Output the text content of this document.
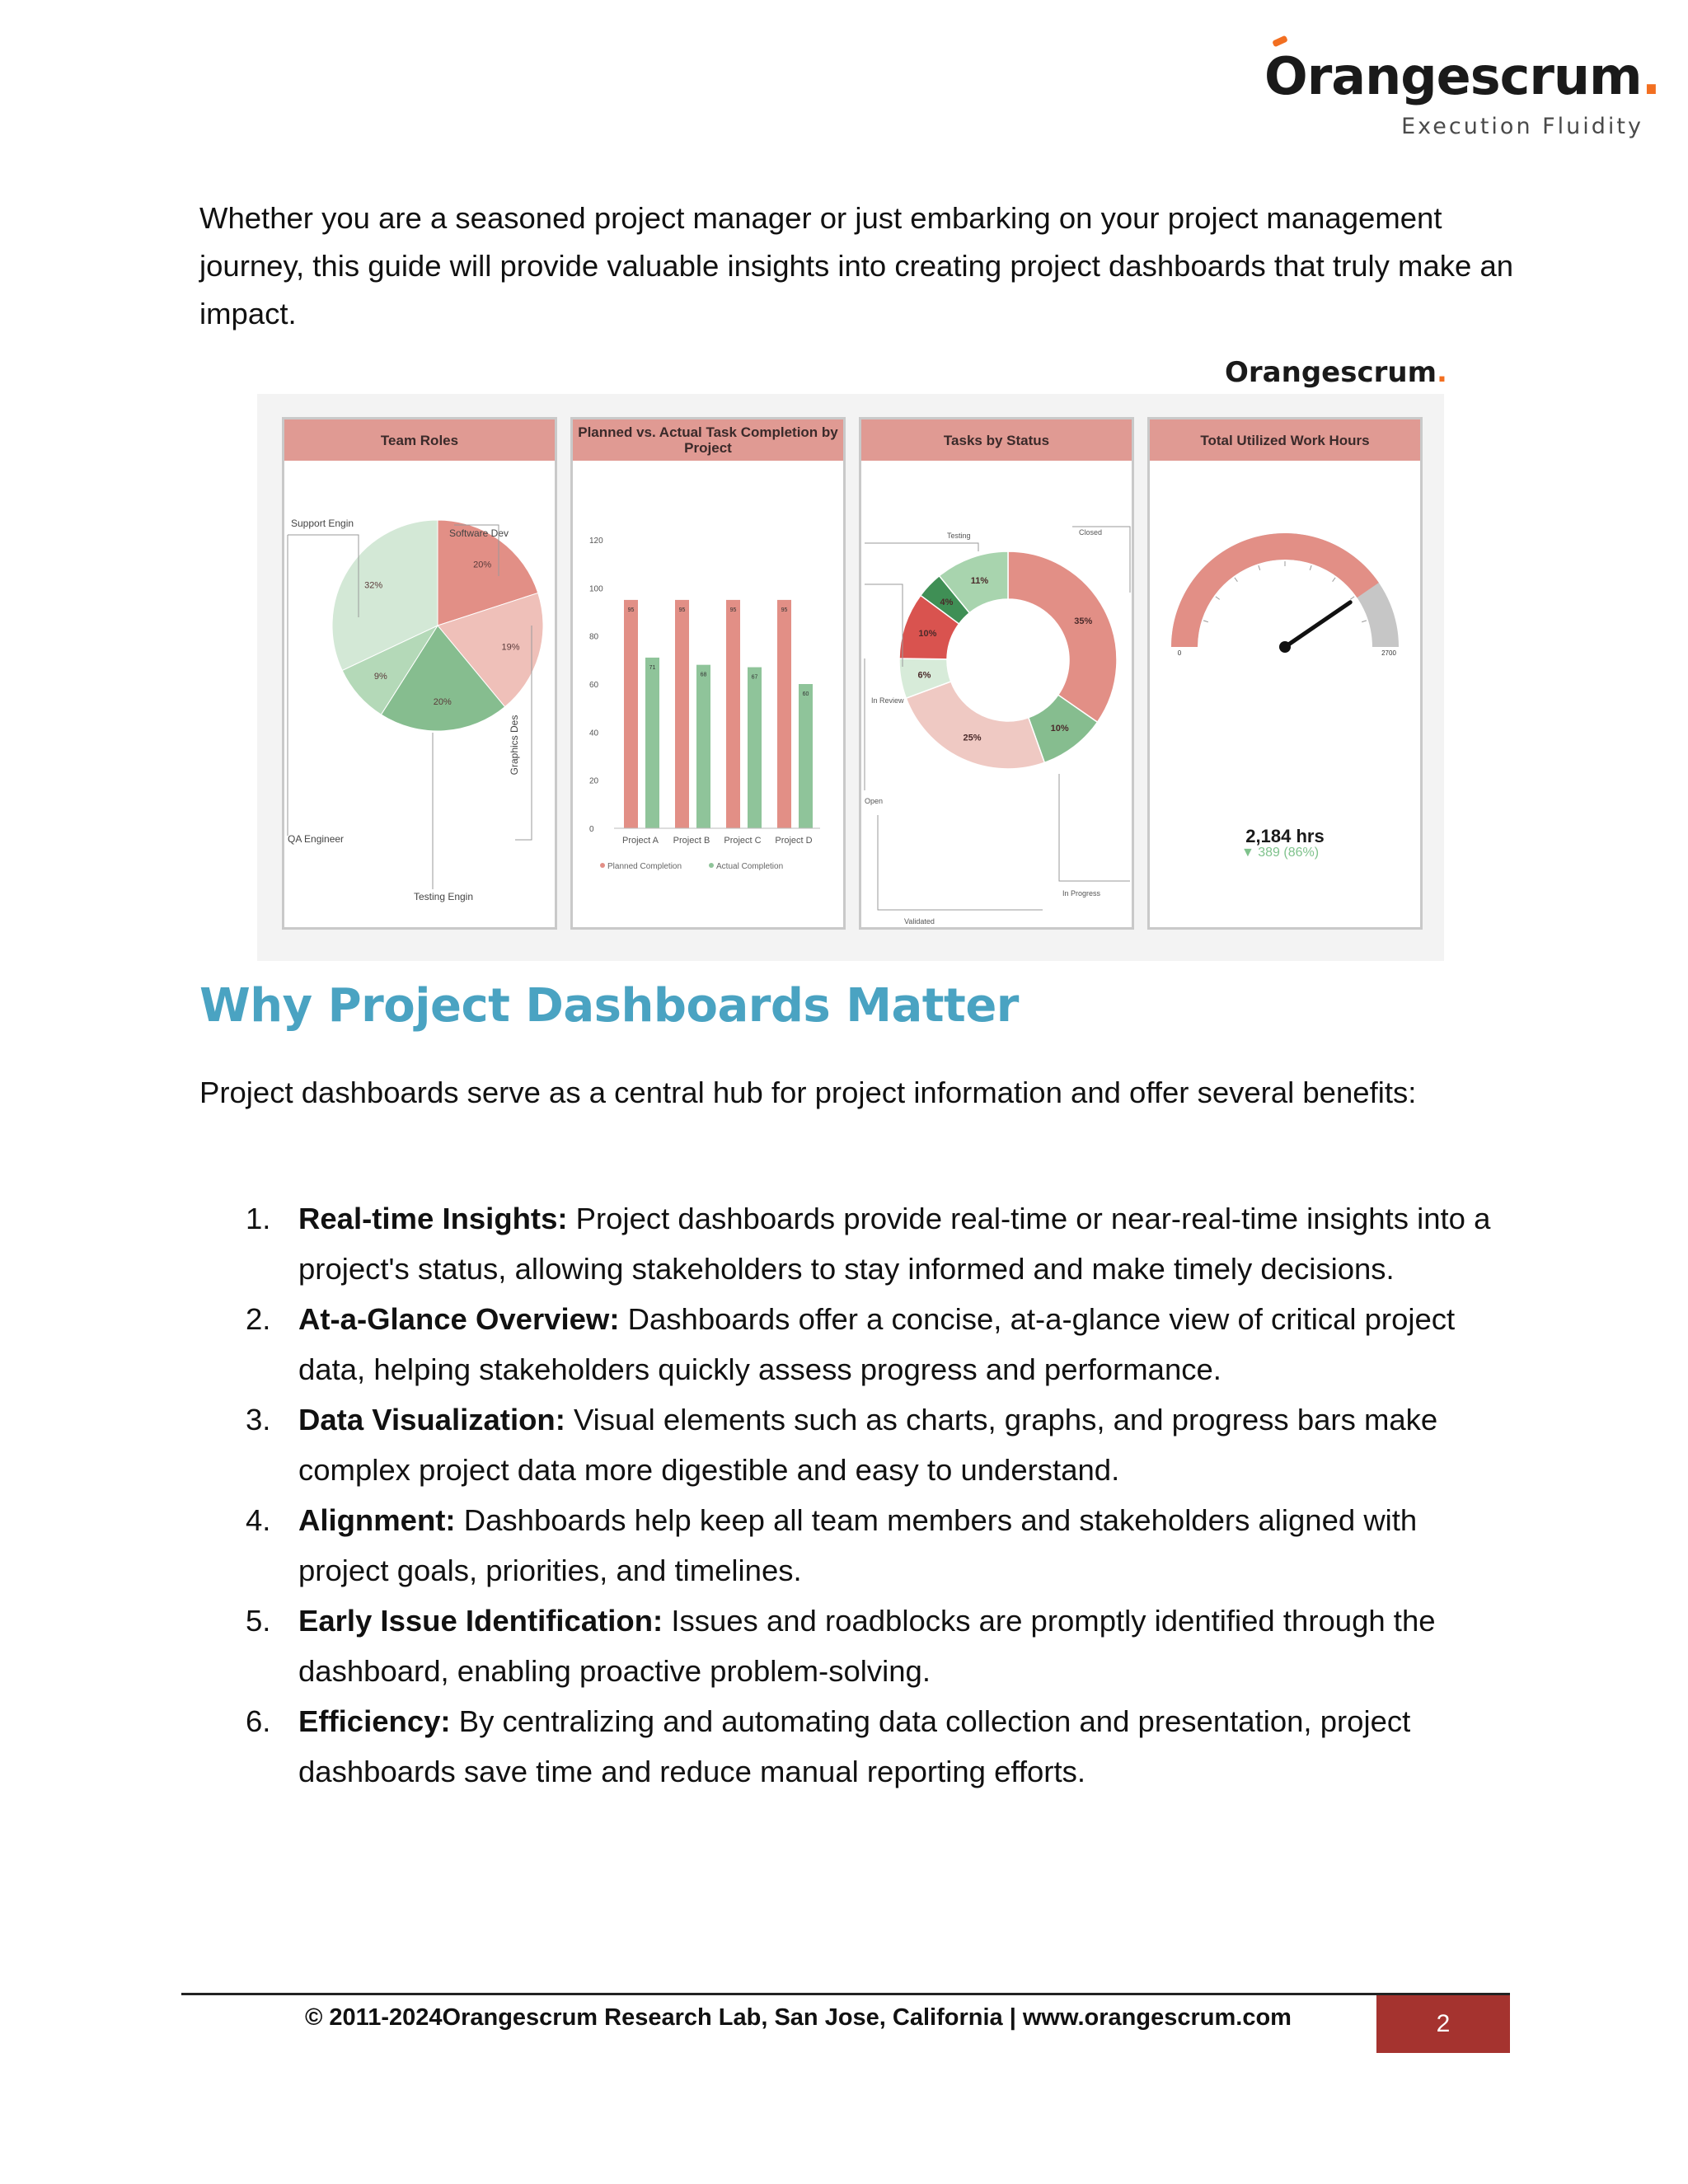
Orangescrum.
Execution Fluidity

Whether you are a seasoned project manager or just embarking on your project management journey, this guide will provide valuable insights into creating project dashboards that truly make an impact.

Orangescrum.
Team Roles
20%
19%
20%
9%
32%
Software Dev
Graphics Des
Testing Engin
QA Engineer
Support Engin
Planned vs. Actual Task Completion by Project
0
20
40
60
80
100
120
95
71
Project A
95
68
Project B
95
67
Project C
95
60
Project D
Planned Completion	Actual Completion
Tasks by Status
35%
10%
25%
6%
10%
4%
11%
Closed
In Progress
Validated
Open
In Review
Testing
Total Utilized Work Hours
0	2700
2,184 hrs
▼ 389 (86%)
Why Project Dashboards Matter

Project dashboards serve as a central hub for project information and offer several benefits:

1. Real-time Insights: Project dashboards provide real-time or near-real-time insights into a project's status, allowing stakeholders to stay informed and make timely decisions.
2. At-a-Glance Overview: Dashboards offer a concise, at-a-glance view of critical project data, helping stakeholders quickly assess progress and performance.
3. Data Visualization: Visual elements such as charts, graphs, and progress bars make complex project data more digestible and easy to understand.
4. Alignment: Dashboards help keep all team members and stakeholders aligned with project goals, priorities, and timelines.
5. Early Issue Identification: Issues and roadblocks are promptly identified through the dashboard, enabling proactive problem-solving.
6. Efficiency: By centralizing and automating data collection and presentation, project dashboards save time and reduce manual reporting efforts.
© 2011-2024Orangescrum Research Lab, San Jose, California | www.orangescrum.com	2
